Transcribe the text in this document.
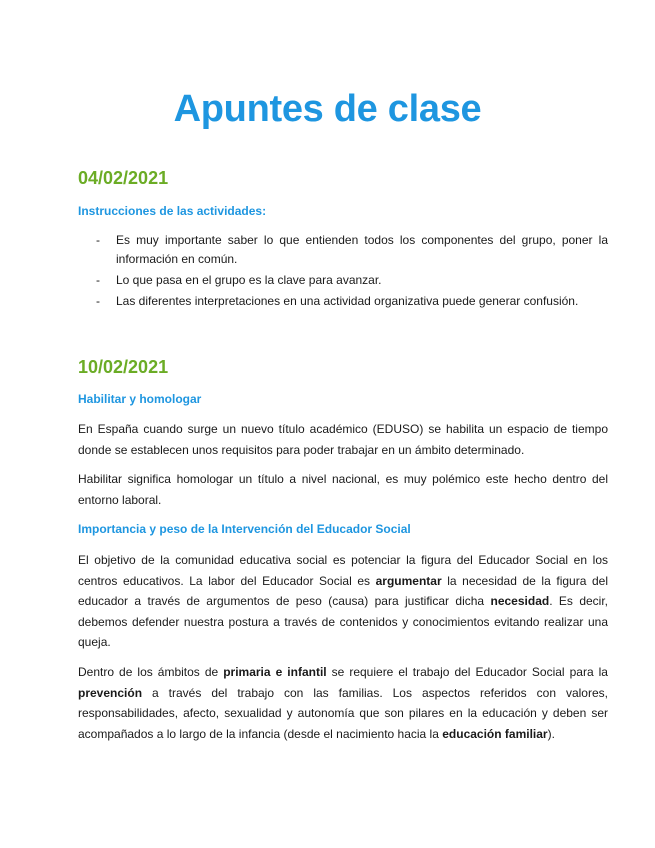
Apuntes de clase
04/02/2021
Instrucciones de las actividades:
- Es muy importante saber lo que entienden todos los componentes del grupo, poner la información en común.
- Lo que pasa en el grupo es la clave para avanzar.
- Las diferentes interpretaciones en una actividad organizativa puede generar confusión.
10/02/2021
Habilitar y homologar

En España cuando surge un nuevo título académico (EDUSO) se habilita un espacio de tiempo donde se establecen unos requisitos para poder trabajar en un ámbito determinado.

Habilitar significa homologar un título a nivel nacional, es muy polémico este hecho dentro del entorno laboral.

Importancia y peso de la Intervención del Educador Social

El objetivo de la comunidad educativa social es potenciar la figura del Educador Social en los centros educativos. La labor del Educador Social es argumentar la necesidad de la figura del educador a través de argumentos de peso (causa) para justificar dicha necesidad. Es decir, debemos defender nuestra postura a través de contenidos y conocimientos evitando realizar una queja.

Dentro de los ámbitos de primaria e infantil se requiere el trabajo del Educador Social para la prevención a través del trabajo con las familias. Los aspectos referidos con valores, responsabilidades, afecto, sexualidad y autonomía que son pilares en la educación y deben ser acompañados a lo largo de la infancia (desde el nacimiento hacia la educación familiar).
